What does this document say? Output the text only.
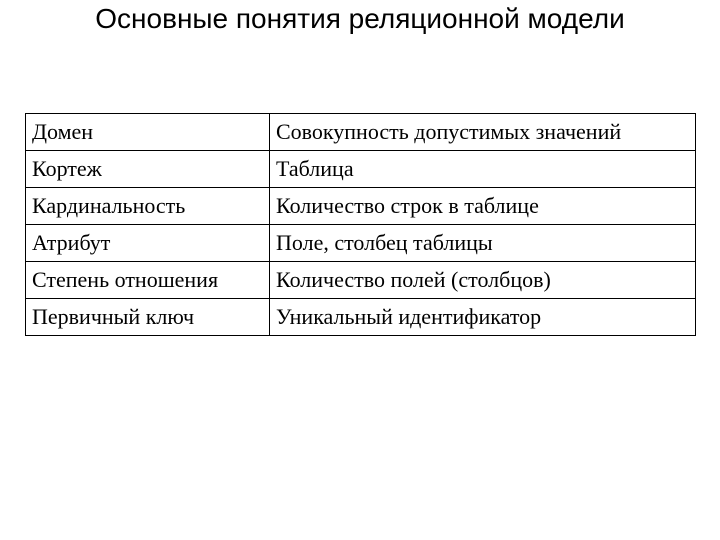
Основные понятия реляционной модели
Домен	Совокупность допустимых значений
Кортеж	Таблица
Кардинальность	Количество строк в таблице
Атрибут	Поле, столбец таблицы
Степень отношения	Количество полей (столбцов)
Первичный ключ	Уникальный идентификатор
